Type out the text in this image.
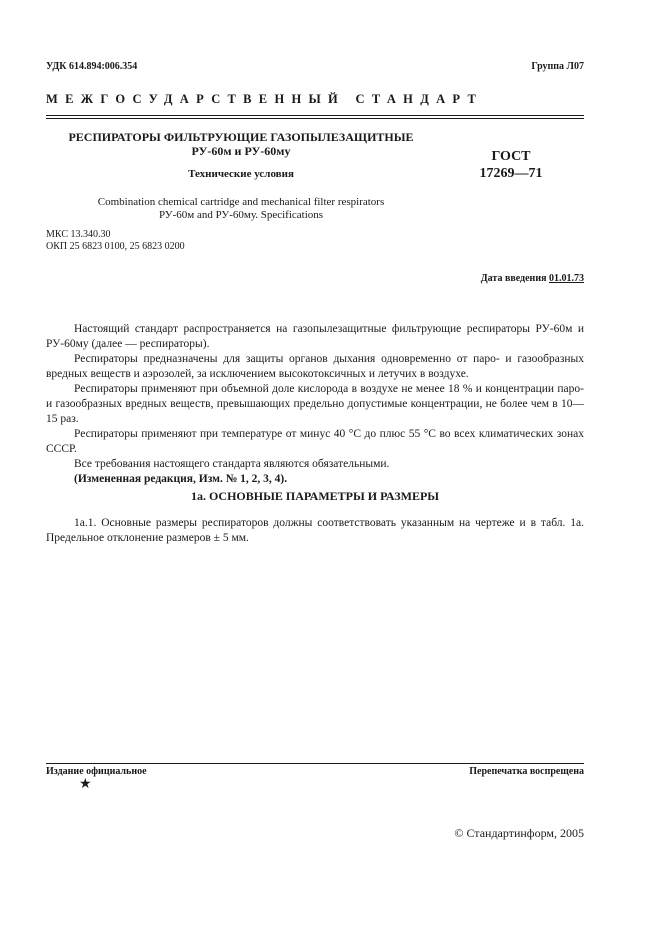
УДК 614.894:006.354	Группа Л07
МЕЖГОСУДАРСТВЕННЫЙ СТАНДАРТ
РЕСПИРАТОРЫ ФИЛЬТРУЮЩИЕ ГАЗОПЫЛЕЗАЩИТНЫЕ
РУ-60м и РУ-60му
Технические условия
Combination chemical cartridge and mechanical filter respirators
РУ-60м and РУ-60му. Specifications
ГОСТ
17269—71
МКС 13.340.30
ОКП 25 6823 0100, 25 6823 0200
Дата введения 01.01.73
Настоящий стандарт распространяется на газопылезащитные фильтрующие респираторы РУ-60м и РУ-60му (далее — респираторы).
Респираторы предназначены для защиты органов дыхания одновременно от паро- и газообразных вредных веществ и аэрозолей, за исключением высокотоксичных и летучих в воздухе.
Респираторы применяют при объемной доле кислорода в воздухе не менее 18 % и концентрации паро- и газообразных вредных веществ, превышающих предельно допустимые концентрации, не более чем в 10—15 раз.
Респираторы применяют при температуре от минус 40 °С до плюс 55 °С во всех климатических зонах СССР.
Все требования настоящего стандарта являются обязательными.
(Измененная редакция, Изм. № 1, 2, 3, 4).
1а. ОСНОВНЫЕ ПАРАМЕТРЫ И РАЗМЕРЫ
1а.1. Основные размеры респираторов должны соответствовать указанным на чертеже и в табл. 1а. Предельное отклонение размеров ± 5 мм.
Издание официальное	Перепечатка воспрещена
★
© Стандартинформ, 2005
